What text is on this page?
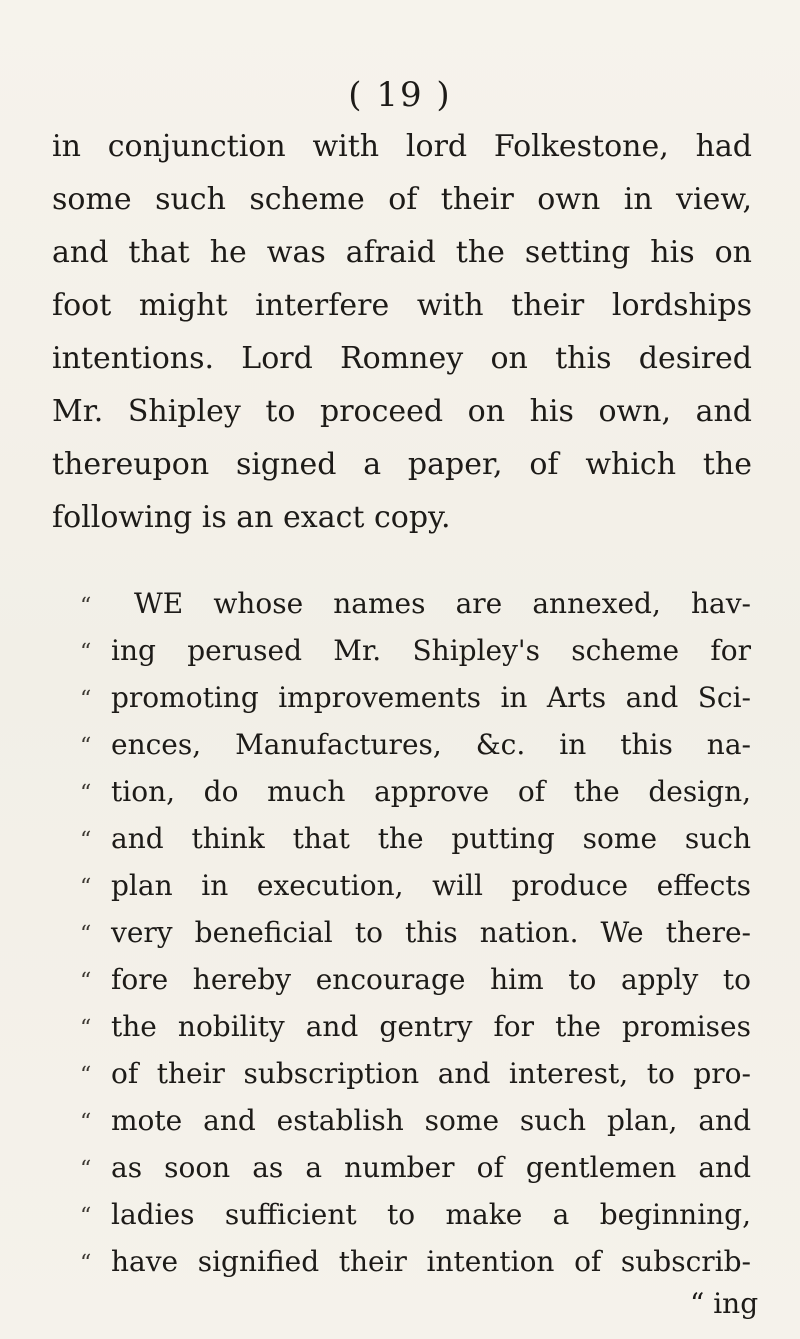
( 19 )
in conjunction with lord Folkestone, had
some such scheme of their own in view,
and that he was afraid the setting his on
foot might interfere with their lordships
intentions. Lord Romney on this desired
Mr. Shipley to proceed on his own, and
thereupon signed a paper, of which the
following is an exact copy.
“ WE whose names are annexed, hav-
“ ing perused Mr. Shipley's scheme for
“ promoting improvements in Arts and Sci-
“ ences, Manufactures, &c. in this na-
“ tion, do much approve of the design,
“ and think that the putting some such
“ plan in execution, will produce effects
“ very beneficial to this nation. We there-
“ fore hereby encourage him to apply to
“ the nobility and gentry for the promises
“ of their subscription and interest, to pro-
“ mote and establish some such plan, and
“ as soon as a number of gentlemen and
“ ladies sufficient to make a beginning,
“ have signified their intention of subscrib-
“ ing
